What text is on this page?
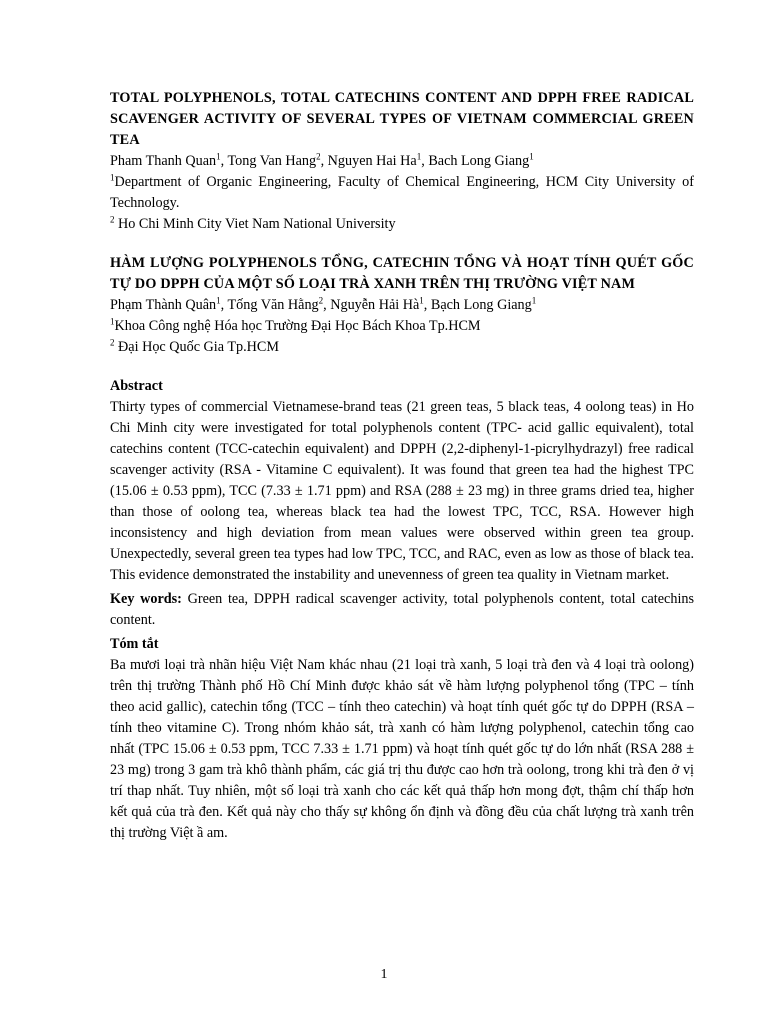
TOTAL POLYPHENOLS, TOTAL CATECHINS CONTENT AND DPPH FREE RADICAL SCAVENGER ACTIVITY OF SEVERAL TYPES OF VIETNAM COMMERCIAL GREEN TEA

Pham Thanh Quan$^1$, Tong Van Hang$^2$, Nguyen Hai Ha$^1$, Bach Long Giang$^1$

$^1$Department of Organic Engineering, Faculty of Chemical Engineering, HCM City University of Technology.

$^2$ Ho Chi Minh City Viet Nam National University

HÀM LƯỢNG POLYPHENOLS TỔNG, CATECHIN TỔNG VÀ HOẠT TÍNH QUÉT GỐC TỰ DO DPPH CỦA MỘT SỐ LOẠI TRÀ XANH TRÊN THỊ TRƯỜNG VIỆT NAM

Phạm Thành Quân$^1$, Tống Văn Hằng$^2$, Nguyễn Hải $Hà^1$, Bạch Long Giang$^1$

$^1$Khoa Công nghệ Hóa học Trường Đại Học Bách Khoa Tp.HCM

$^2$ Đại Học Quốc Gia Tp.HCM

Abstract

Thirty types of commercial Vietnamese-brand teas (21 green teas, 5 black teas, 4 oolong teas) in Ho Chi Minh city were investigated for total polyphenols content (TPC- acid gallic equivalent), total catechins content (TCC-catechin equivalent) and DPPH (2,2-diphenyl-1-picrylhydrazyl) free radical scavenger activity (RSA - Vitamine C equivalent). It was found that green tea had the highest TPC (15.06 ± 0.53 ppm), TCC (7.33 ± 1.71 ppm) and RSA (288 ± 23 mg) in three grams dried tea, higher than those of oolong tea, whereas black tea had the lowest TPC, TCC, RSA. However high inconsistency and high deviation from mean values were observed within green tea group. Unexpectedly, several green tea types had low TPC, TCC, and RAC, even as low as those of black tea. This evidence demonstrated the instability and unevenness of green tea quality in Vietnam market.

Key words: Green tea, DPPH radical scavenger activity, total polyphenols content, total catechins content.

Tóm tắt

Ba mươi loại trà nhãn hiệu Việt Nam khác nhau (21 loại trà xanh, 5 loại trà đen và 4 loại trà oolong) trên thị trường Thành phố Hồ Chí Minh được khảo sát về hàm lượng polyphenol tổng (TPC – tính theo acid gallic), catechin tổng (TCC – tính theo catechin) và hoạt tính quét gốc tự do DPPH (RSA – tính theo vitamine C). Trong nhóm khảo sát, trà xanh có hàm lượng polyphenol, catechin tổng cao nhất (TPC 15.06 ± 0.53 ppm, TCC 7.33 ± 1.71 ppm) và hoạt tính quét gốc tự do lớn nhất (RSA 288 ± 23 mg) trong 3 gam trà khô thành phẩm, các giá trị thu được cao hơn trà oolong, trong khi trà đen ở vị trí thap nhất. Tuy nhiên, một số loại trà xanh cho các kết quả thấp hơn mong đợt, thậm chí thấp hơn kết quả của trà đen. Kết quả này cho thấy sự không ổn định và đồng đều của chất lượng trà xanh trên thị trường Việt ầ am.

1
